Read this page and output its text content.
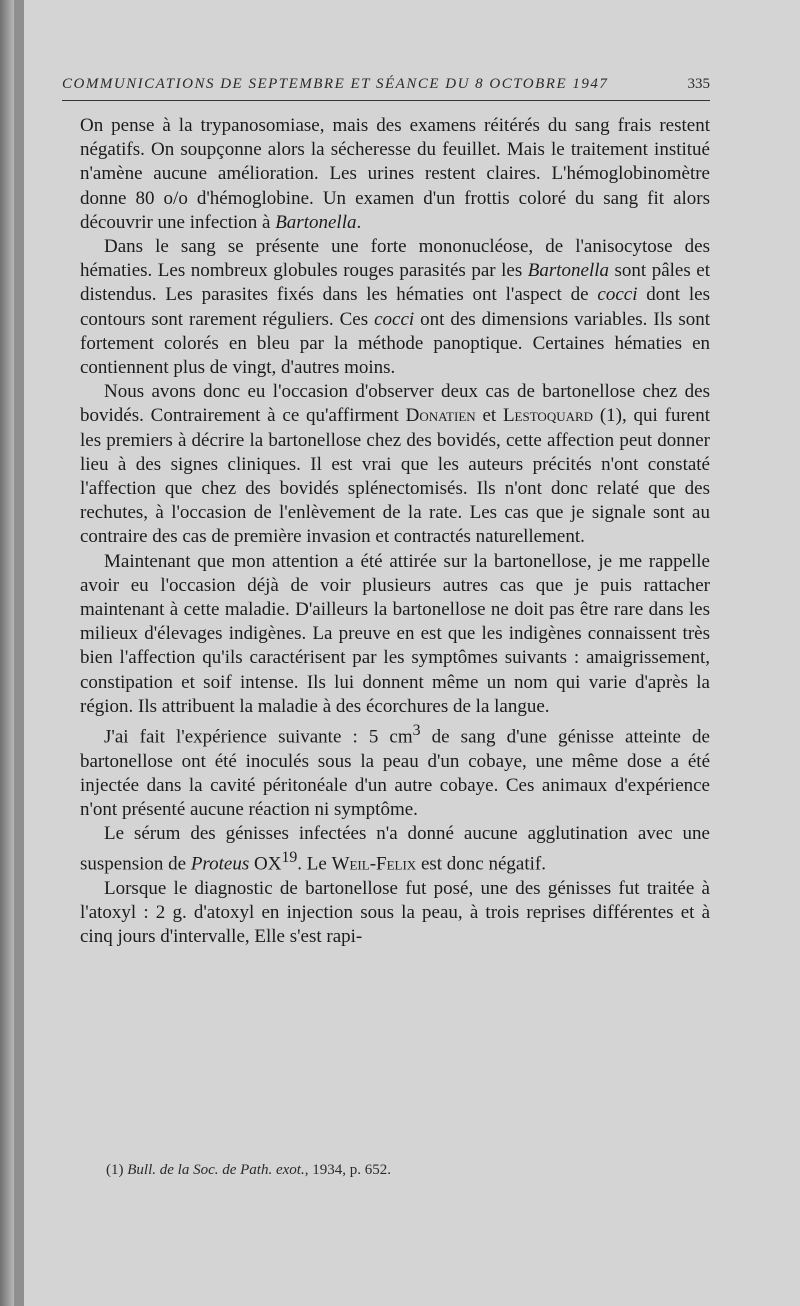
COMMUNICATIONS DE SEPTEMBRE ET SÉANCE DU 8 OCTOBRE 1947	335

On pense à la trypanosomiase, mais des examens réitérés du sang frais restent négatifs. On soupçonne alors la sécheresse du feuillet. Mais le traitement institué n'amène aucune amélioration. Les urines restent claires. L'hémoglobinomètre donne 80 o/o d'hémoglobine. Un examen d'un frottis coloré du sang fit alors découvrir une infection à Bartonella.

Dans le sang se présente une forte mononucléose, de l'anisocytose des hématies. Les nombreux globules rouges parasités par les Bartonella sont pâles et distendus. Les parasites fixés dans les hématies ont l'aspect de cocci dont les contours sont rarement réguliers. Ces cocci ont des dimensions variables. Ils sont fortement colorés en bleu par la méthode panoptique. Certaines hématies en contiennent plus de vingt, d'autres moins.

Nous avons donc eu l'occasion d'observer deux cas de bartonellose chez des bovidés. Contrairement à ce qu'affirment Donatien et Lestoquard (1), qui furent les premiers à décrire la bartonellose chez des bovidés, cette affection peut donner lieu à des signes cliniques. Il est vrai que les auteurs précités n'ont constaté l'affection que chez des bovidés splénectomisés. Ils n'ont donc relaté que des rechutes, à l'occasion de l'enlèvement de la rate. Les cas que je signale sont au contraire des cas de première invasion et contractés naturellement.

Maintenant que mon attention a été attirée sur la bartonellose, je me rappelle avoir eu l'occasion déjà de voir plusieurs autres cas que je puis rattacher maintenant à cette maladie. D'ailleurs la bartonellose ne doit pas être rare dans les milieux d'élevages indigènes. La preuve en est que les indigènes connaissent très bien l'affection qu'ils caractérisent par les symptômes suivants : amaigrissement, constipation et soif intense. Ils lui donnent même un nom qui varie d'après la région. Ils attribuent la maladie à des écorchures de la langue.

J'ai fait l'expérience suivante : 5 $cm^3$ de sang d'une génisse atteinte de bartonellose ont été inoculés sous la peau d'un cobaye, une même dose a été injectée dans la cavité péritonéale d'un autre cobaye. Ces animaux d'expérience n'ont présenté aucune réaction ni symptôme.

Le sérum des génisses infectées n'a donné aucune agglutination avec une suspension de Proteus OX$^{19}$. Le Weil-Felix est donc négatif.

Lorsque le diagnostic de bartonellose fut posé, une des génisses fut traitée à l'atoxyl : 2 g. d'atoxyl en injection sous la peau, à trois reprises différentes et à cinq jours d'intervalle, Elle s'est rapi-

(1) Bull. de la Soc. de Path. exot., 1934, p. 652.
